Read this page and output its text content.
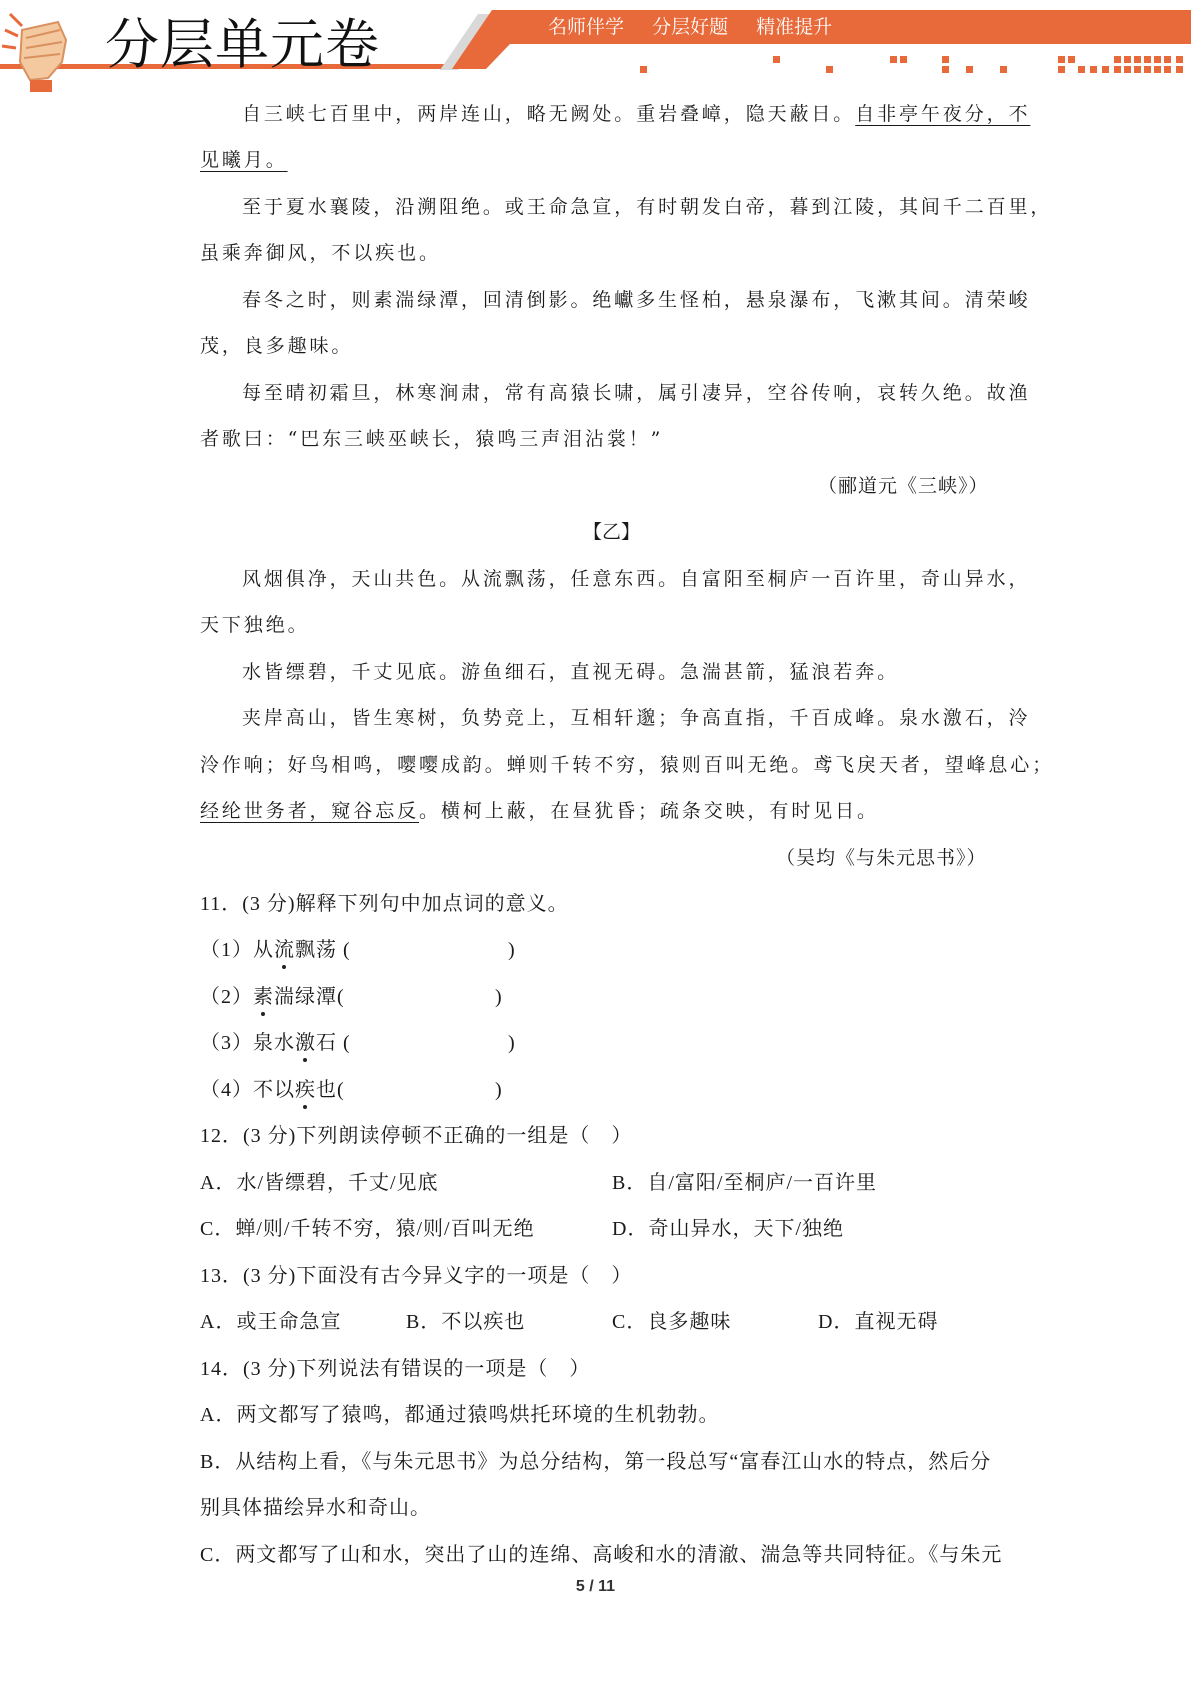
分层单元卷	名师伴学 分层好题 精准提升
自三峡七百里中，两岸连山，略无阙处。重岩叠嶂，隐天蔽日。自非亭午夜分，不
见曦月。
至于夏水襄陵，沿溯阻绝。或王命急宣，有时朝发白帝，暮到江陵，其间千二百里，
虽乘奔御风，不以疾也。
春冬之时，则素湍绿潭，回清倒影。绝巘多生怪柏，悬泉瀑布，飞漱其间。清荣峻
茂，良多趣味。
每至晴初霜旦，林寒涧肃，常有高猿长啸，属引凄异，空谷传响，哀转久绝。故渔
者歌曰：“巴东三峡巫峡长，猿鸣三声泪沾裳！”
（郦道元《三峡》）
【乙】
风烟俱净，天山共色。从流飘荡，任意东西。自富阳至桐庐一百许里，奇山异水，
天下独绝。
水皆缥碧，千丈见底。游鱼细石，直视无碍。急湍甚箭，猛浪若奔。
夹岸高山，皆生寒树，负势竞上，互相轩邈；争高直指，千百成峰。泉水激石，泠
泠作响；好鸟相鸣，嘤嘤成韵。蝉则千转不穷，猿则百叫无绝。鸢飞戾天者，望峰息心；
经纶世务者，窥谷忘反。横柯上蔽，在昼犹昏；疏条交映，有时见日。
（吴均《与朱元思书》）
11．(3 分)解释下列句中加点词的意义。
（1）从流飘荡 (	)
（2）素湍绿潭(	)
（3）泉水激石 (	)
（4）不以疾也(	)
12．(3 分)下列朗读停顿不正确的一组是（　）
A．水/皆缥碧，千丈/见底	B．自/富阳/至桐庐/一百许里
C．蝉/则/千转不穷，猿/则/百叫无绝	D．奇山异水，天下/独绝
13．(3 分)下面没有古今异义字的一项是（　）
A．或王命急宣	B．不以疾也	C．良多趣味	D．直视无碍
14．(3 分)下列说法有错误的一项是（　）
A．两文都写了猿鸣，都通过猿鸣烘托环境的生机勃勃。
B．从结构上看，《与朱元思书》为总分结构，第一段总写“富春江山水的特点，然后分
别具体描绘异水和奇山。
C．两文都写了山和水，突出了山的连绵、高峻和水的清澈、湍急等共同特征。《与朱元
5 / 11
